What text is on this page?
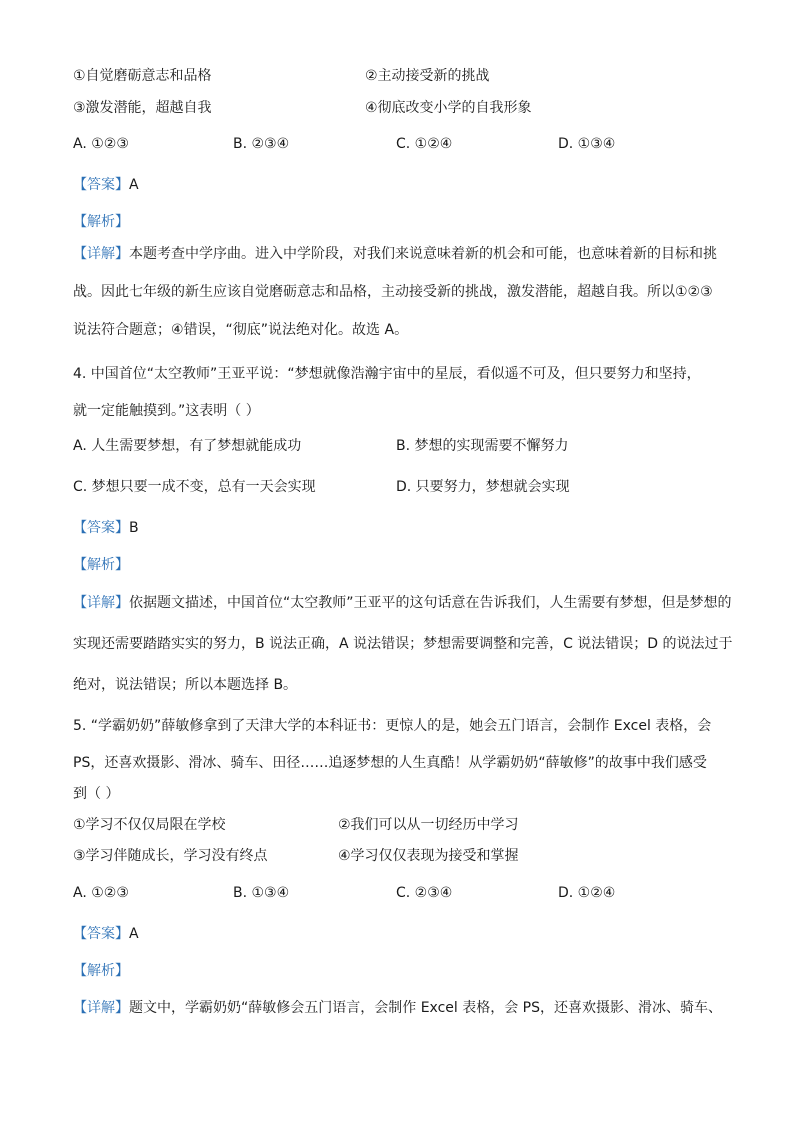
①自觉磨砺意志和品格	②主动接受新的挑战
③激发潜能，超越自我	④彻底改变小学的自我形象
A. ①②③	B. ②③④	C. ①②④	D. ①③④
【答案】A
【解析】
【详解】本题考查中学序曲。进入中学阶段，对我们来说意味着新的机会和可能，也意味着新的目标和挑
战。因此七年级的新生应该自觉磨砺意志和品格，主动接受新的挑战，激发潜能，超越自我。所以①②③
说法符合题意；④错误，“彻底”说法绝对化。故选 A。
4. 中国首位“太空教师”王亚平说：“梦想就像浩瀚宇宙中的星辰，看似遥不可及，但只要努力和坚持，
就一定能触摸到。”这表明（ ）
A. 人生需要梦想，有了梦想就能成功	B. 梦想的实现需要不懈努力
C. 梦想只要一成不变，总有一天会实现	D. 只要努力，梦想就会实现
【答案】B
【解析】
【详解】依据题文描述，中国首位“太空教师”王亚平的这句话意在告诉我们，人生需要有梦想，但是梦想的
实现还需要踏踏实实的努力，B 说法正确，A 说法错误；梦想需要调整和完善，C 说法错误；D 的说法过于
绝对，说法错误；所以本题选择 B。
5. “学霸奶奶”薛敏修拿到了天津大学的本科证书：更惊人的是，她会五门语言，会制作 Excel 表格，会
PS，还喜欢摄影、滑冰、骑车、田径……追逐梦想的人生真酷！从学霸奶奶“薛敏修”的故事中我们感受
到（ ）
①学习不仅仅局限在学校	②我们可以从一切经历中学习
③学习伴随成长，学习没有终点	④学习仅仅表现为接受和掌握
A. ①②③	B. ①③④	C. ②③④	D. ①②④
【答案】A
【解析】
【详解】题文中，学霸奶奶“薛敏修会五门语言，会制作 Excel 表格，会 PS，还喜欢摄影、滑冰、骑车、
